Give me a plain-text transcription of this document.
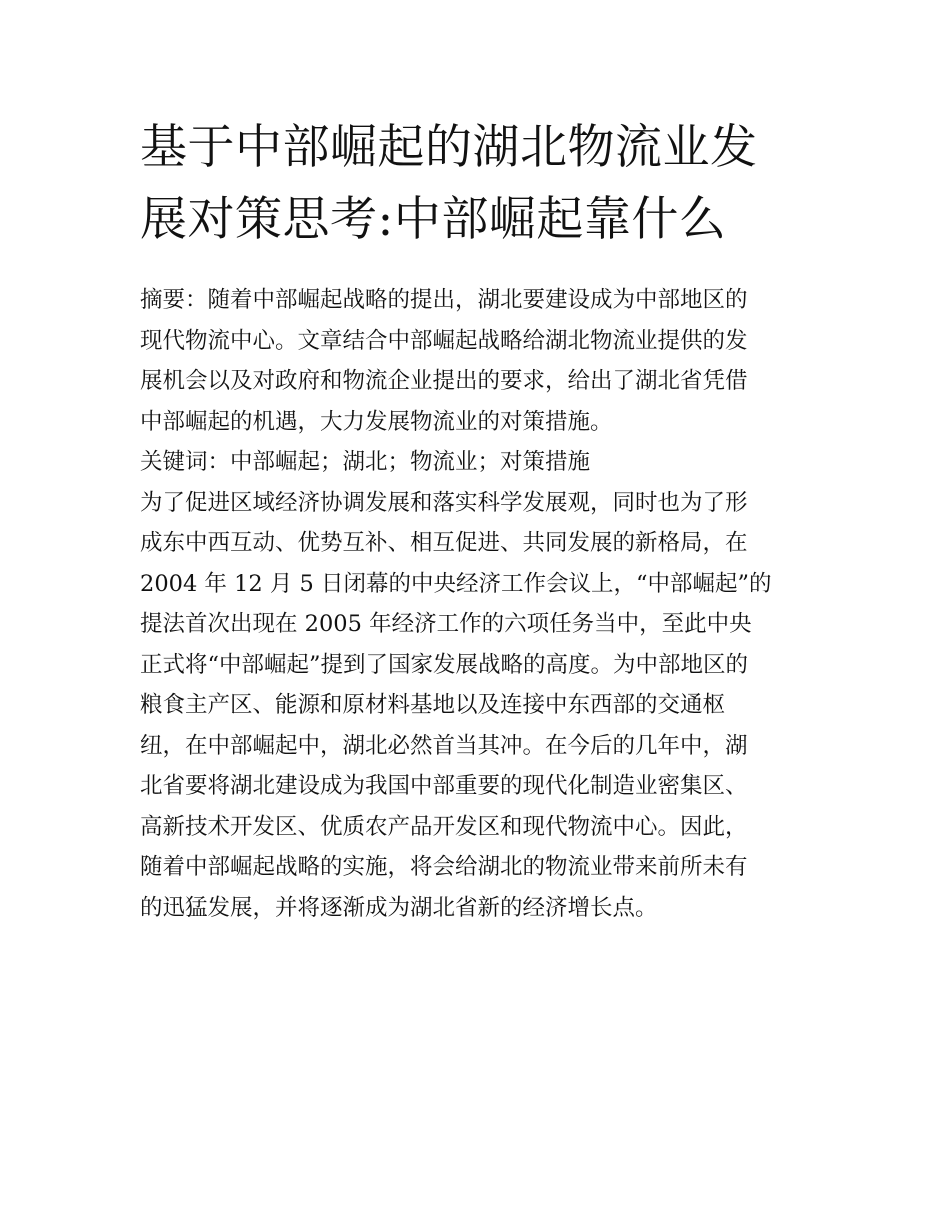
基于中部崛起的湖北物流业发
展对策思考:中部崛起靠什么
摘要：随着中部崛起战略的提出，湖北要建设成为中部地区的
现代物流中心。文章结合中部崛起战略给湖北物流业提供的发
展机会以及对政府和物流企业提出的要求，给出了湖北省凭借
中部崛起的机遇，大力发展物流业的对策措施。
关键词：中部崛起；湖北；物流业；对策措施
为了促进区域经济协调发展和落实科学发展观，同时也为了形
成东中西互动、优势互补、相互促进、共同发展的新格局，在
2004 年 12 月 5 日闭幕的中央经济工作会议上，“中部崛起”的
提法首次出现在 2005 年经济工作的六项任务当中，至此中央
正式将“中部崛起”提到了国家发展战略的高度。为中部地区的
粮食主产区、能源和原材料基地以及连接中东西部的交通枢
纽，在中部崛起中，湖北必然首当其冲。在今后的几年中，湖
北省要将湖北建设成为我国中部重要的现代化制造业密集区、
高新技术开发区、优质农产品开发区和现代物流中心。因此，
随着中部崛起战略的实施，将会给湖北的物流业带来前所未有
的迅猛发展，并将逐渐成为湖北省新的经济增长点。
